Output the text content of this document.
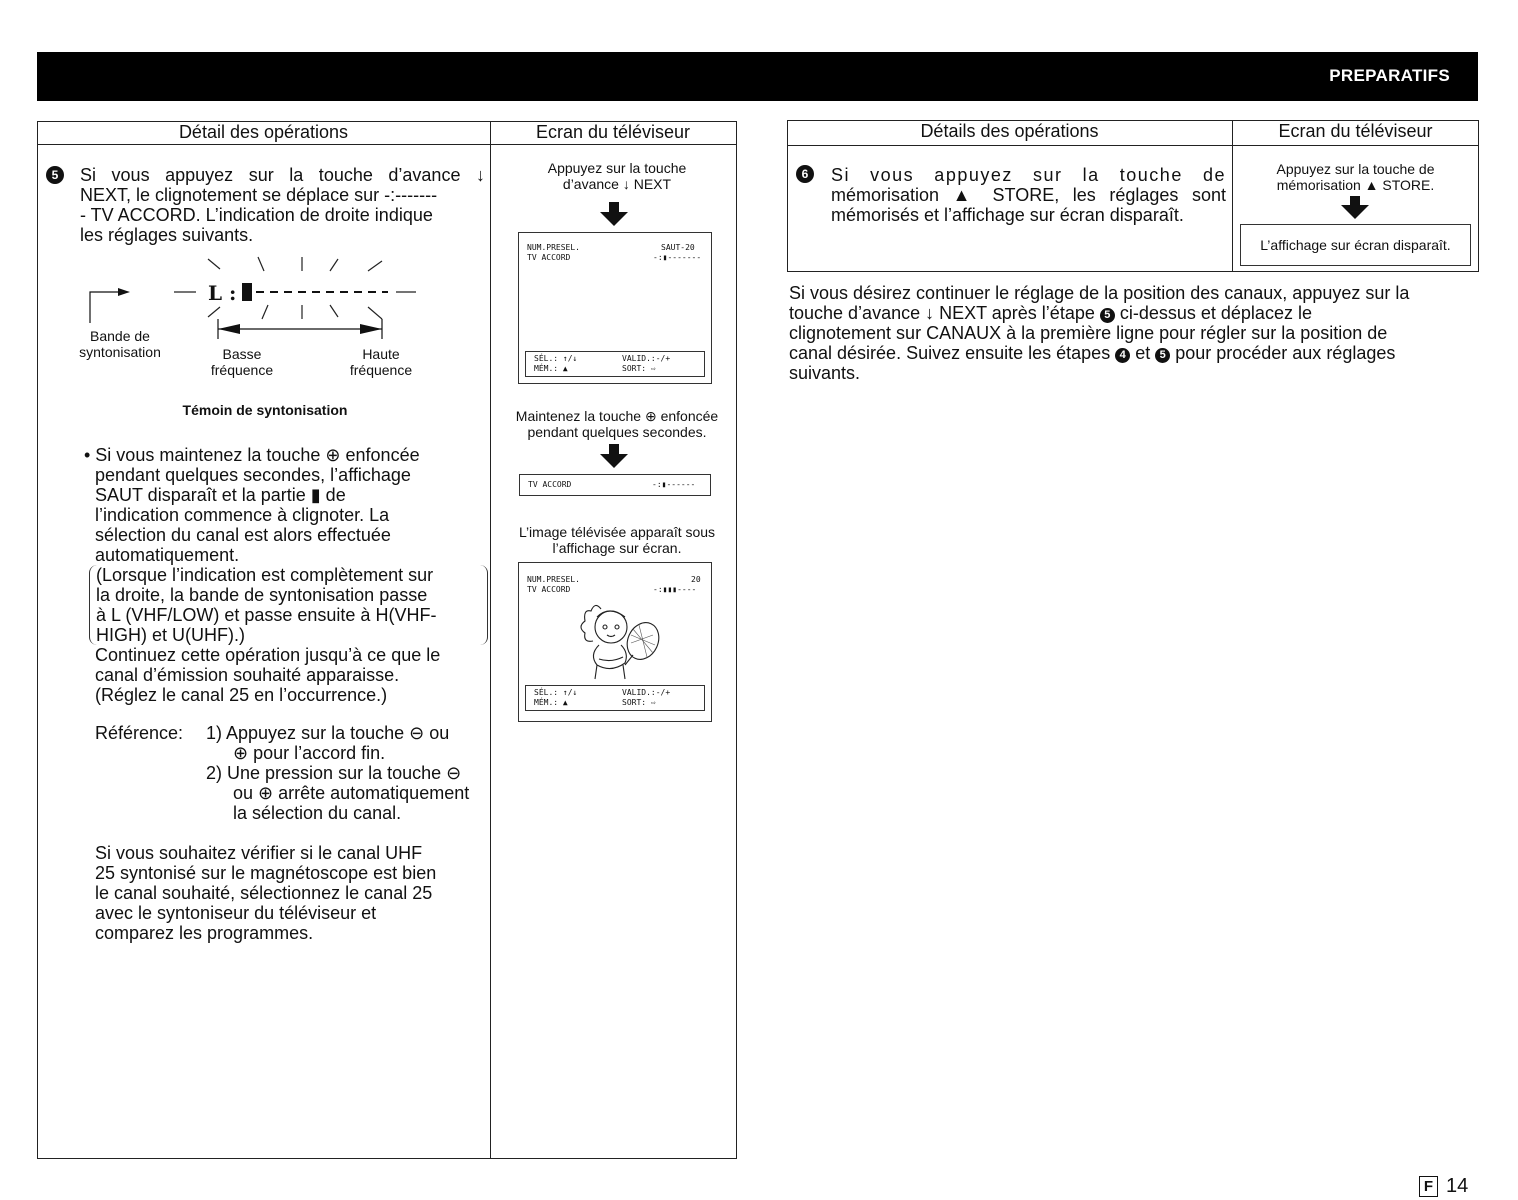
PREPARATIFS
Détail des opérations	Ecran du téléviseur
5	Si vous appuyez sur la touche d’avance ↓
NEXT, le clignotement se déplace sur -:-------
- TV ACCORD. L’indication de droite indique
les réglages suivants.
L :
Bande de
syntonisation	Basse
fréquence
Haute
fréquence
Témoin de syntonisation
• Si vous maintenez la touche ⊕ enfoncée
pendant quelques secondes, l’affichage
SAUT disparaît et la partie ▮ de
l’indication commence à clignoter. La
sélection du canal est alors effectuée
automatiquement.
(Lorsque l’indication est complètement sur
la droite, la bande de syntonisation passe
à L (VHF/LOW) et passe ensuite à H(VHF-
HIGH) et U(UHF).)
Continuez cette opération jusqu’à ce que le
canal d’émission souhaité apparaisse.
(Réglez le canal 25 en l’occurrence.)
Référence: 1) Appuyez sur la touche ⊖ ou
⊕ pour l’accord fin.
2) Une pression sur la touche ⊖
ou ⊕ arrête automatiquement
la sélection du canal.
Si vous souhaitez vérifier si le canal UHF
25 syntonisé sur le magnétoscope est bien
le canal souhaité, sélectionnez le canal 25
avec le syntoniseur du téléviseur et
comparez les programmes.
Appuyez sur la touche
d’avance ↓ NEXT
NUM.PRESEL.	SAUT-20
TV ACCORD	-:▮-------
SÉL.: ↑/↓	VALID.:-/+
MÉM.: ▲	SORT: ⇨
Maintenez la touche ⊕ enfoncée
pendant quelques secondes.
TV ACCORD	-:▮------
L’image télévisée apparaît sous
l’affichage sur écran.
NUM.PRESEL.	20
TV ACCORD	-:▮▮▮----
SÉL.: ↑/↓	VALID.:-/+
MÉM.: ▲	SORT: ⇨
Détails des opérations	Ecran du téléviseur
6	Si vous appuyez sur la touche de
mémorisation ▲ STORE, les réglages sont
mémorisés et l’affichage sur écran disparaît.
Appuyez sur la touche de
mémorisation ▲ STORE.
L’affichage sur écran disparaît.
Si vous désirez continuer le réglage de la position des canaux, appuyez sur la
touche d’avance ↓ NEXT après l’étape 5 ci-dessus et déplacez le
clignotement sur CANAUX à la première ligne pour régler sur la position de
canal désirée. Suivez ensuite les étapes 4 et 5 pour procéder aux réglages
suivants.
F 14
